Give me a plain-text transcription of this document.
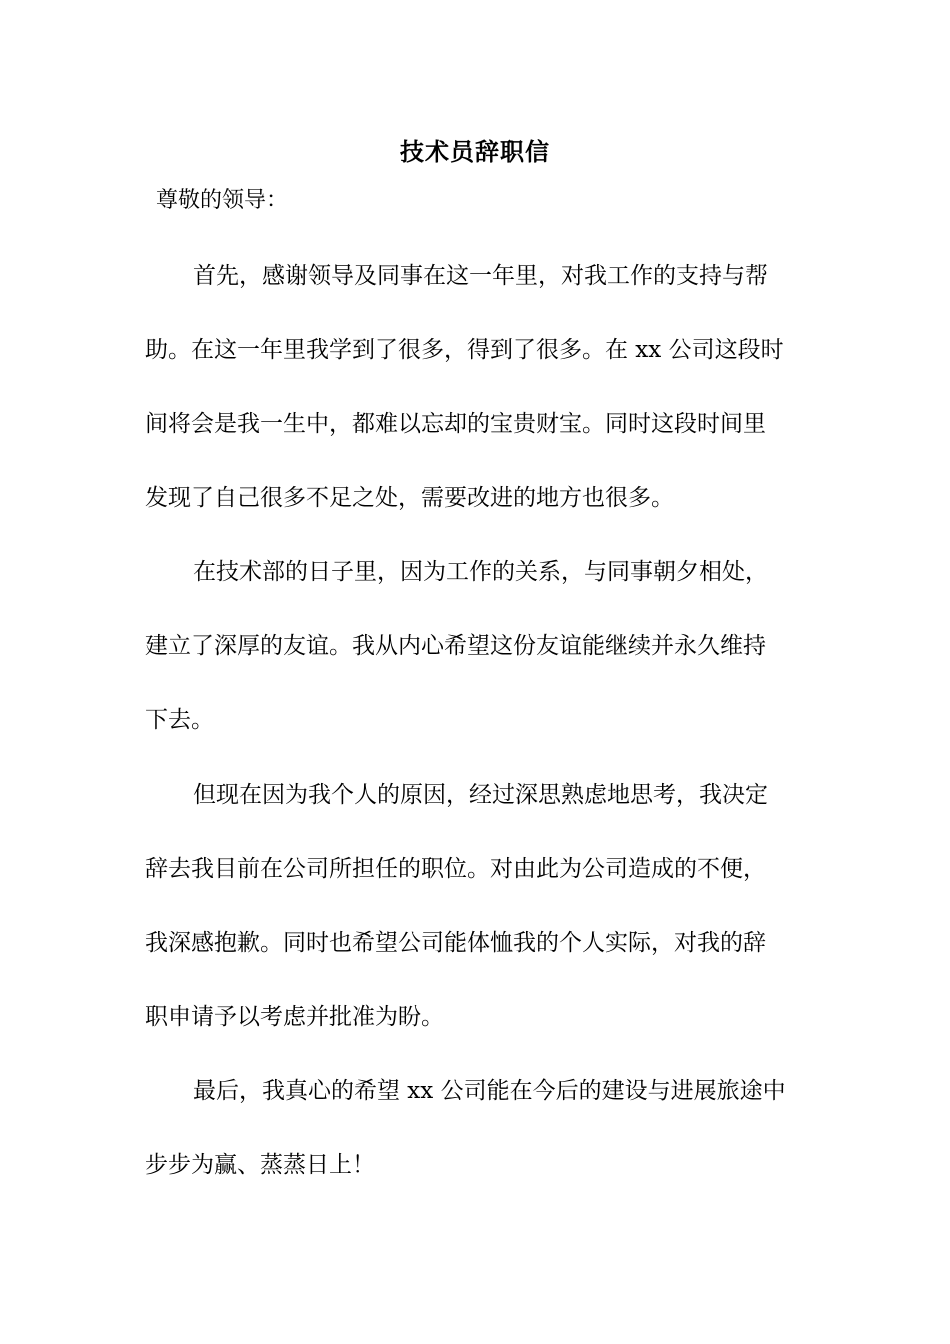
技术员辞职信
尊敬的领导：
首先，感谢领导及同事在这一年里，对我工作的支持与帮
助。在这一年里我学到了很多，得到了很多。在 xx 公司这段时
间将会是我一生中，都难以忘却的宝贵财宝。同时这段时间里
发现了自己很多不足之处，需要改进的地方也很多。
在技术部的日子里，因为工作的关系，与同事朝夕相处，
建立了深厚的友谊。我从内心希望这份友谊能继续并永久维持
下去。
但现在因为我个人的原因，经过深思熟虑地思考，我决定
辞去我目前在公司所担任的职位。对由此为公司造成的不便，
我深感抱歉。同时也希望公司能体恤我的个人实际，对我的辞
职申请予以考虑并批准为盼。
最后，我真心的希望 xx 公司能在今后的建设与进展旅途中
步步为赢、蒸蒸日上！
